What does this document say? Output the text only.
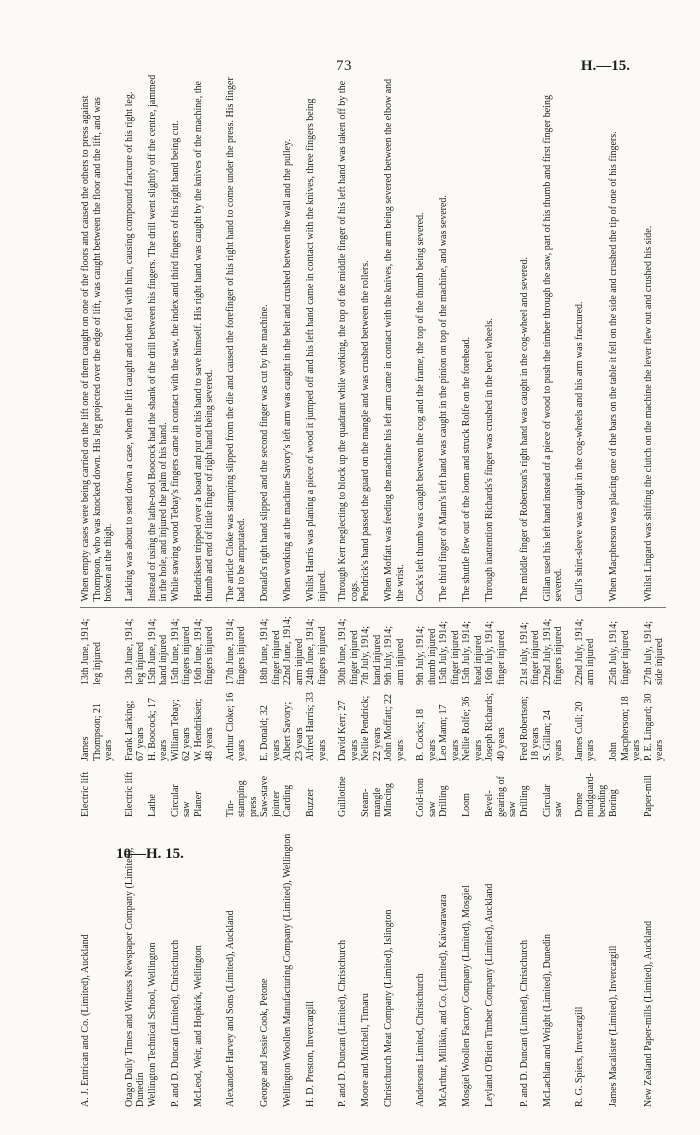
73	H.—15.
10—H. 15.
A. J. Entrican and Co. (Limited), Auckland	Electric lift	James Thompson; 21 years	13th June, 1914; leg injured	When empty cases were being carried on the lift one of them caught on one of the floors and caused the others to press against Thompson, who was knocked down. His leg projected over the edge of lift, was caught between the floor and the lift, and was broken at the thigh.
Otago Daily Times and Witness Newspaper Company (Limited), Dunedin	Electric lift	Frank Larking; 67 years	13th June, 1914; leg injured	Larking was about to send down a case, when the lift caught and then fell with him, causing compound fracture of his right leg.
Wellington Technical School, Wellington	Lathe	H. Boocock; 17 years	15th June, 1914; hand injured	Instead of using the lathe-tool Boocock had the shank of the drill between his fingers. The drill went slightly off the centre, jammed in the hole, and injured the palm of his hand.
P. and D. Duncan (Limited), Christchurch	Circular saw	William Tebay; 62 years	15th June, 1914; fingers injured	While sawing wood Tebay's fingers came in contact with the saw, the index and third fingers of his right hand being cut.
McLeod, Weir, and Hopkirk, Wellington	Planer	W. Hendriksen; 48 years	16th June, 1914; fingers injured	Hendriksen tripped over a board and put out his hand to save himself. His right hand was caught by the knives of the machine, the thumb and end of little finger of right hand being severed.
Alexander Harvey and Sons (Limited), Auckland	Tin-stamping press	Arthur Cloke; 16 years	17th June, 1914; fingers injured	The article Cloke was stamping slipped from the die and caused the forefinger of his right hand to come under the press. His finger had to be amputated.
George and Jessie Cook, Petone	Saw-stave jointer	E. Donald; 32 years	18th June, 1914; finger injured	Donald's right hand slipped and the second finger was cut by the machine.
Wellington Woollen Manufacturing Company (Limited), Wellington	Carding	Albert Savory; 23 years	22nd June, 1914; arm injured	When working at the machine Savory's left arm was caught in the belt and crushed between the wall and the pulley.
H. D. Preston, Invercargill	Buzzer	Alfred Harris; 33 years	24th June, 1914; fingers injured	Whilst Harris was planing a piece of wood it jumped off and his left hand came in contact with the knives, three fingers being injured.
P. and D. Duncan (Limited), Christchurch	Guillotine	David Kerr; 27 years	30th June, 1914; finger injured	Through Kerr neglecting to block up the quadrant while working, the top of the middle finger of his left hand was taken off by the cogs.
Moore and Mitchell, Timaru	Steam-mangle	Nellie Pendrick; 22 years	7th July, 1914; hand injured	Pendrick's hand passed the guard on the mangle and was crushed between the rollers.
Christchurch Meat Company (Limited), Islington	Mincing	John Moffatt; 22 years	9th July, 1914; arm injured	When Moffatt was feeding the machine his left arm came in contact with the knives, the arm being severed between the elbow and the wrist.
Andersons Limited, Christchurch	Cold-iron saw	B. Cocks; 18 years	9th July, 1914; thumb injured	Cock's left thumb was caught between the cog and the frame, the top of the thumb being severed.
McArthur, Millikin, and Co. (Limited), Kaiwarawara	Drilling	Leo Mann; 17 years	15th July, 1914; finger injured	The third finger of Mann's left hand was caught in the pinion on top of the machine, and was severed.
Mosgiel Woollen Factory Company (Limited), Mosgiel	Loom	Nellie Rolfe; 36 years	15th July, 1914; head injured	The shuttle flew out of the loom and struck Rolfe on the forehead.
Leyland O'Brien Timber Company (Limited), Auckland	Bevel-gearing of saw	Joseph Richards; 40 years	16th July, 1914; finger injured	Through inattention Richards's finger was crushed in the bevel wheels.
P. and D. Duncan (Limited), Christchurch	Drilling	Fred Robertson; 18 years	21st July, 1914; finger injured	The middle finger of Robertson's right hand was caught in the cog-wheel and severed.
McLachlan and Wright (Limited), Dunedin	Circular saw	S. Gillan; 24 years	22nd July, 1914; fingers injured	Gillan used his left hand instead of a piece of wood to push the timber through the saw, part of his thumb and first finger being severed.
R. G. Spiers, Invercargill	Dome mudguard-bending	James Cull; 20 years	22nd July, 1914; arm injured	Cull's shirt-sleeve was caught in the cog-wheels and his arm was fractured.
James Macalister (Limited), Invercargill	Boring	John Macpherson; 18 years	25th July, 1914; finger injured	When Macpherson was placing one of the bars on the table it fell on the side and crushed the tip of one of his fingers.
New Zealand Paper-mills (Limited), Auckland	Paper-mill	P. E. Lingard; 30 years	27th July, 1914; side injured	Whilst Lingard was shifting the clutch on the machine the lever flew out and crushed his side.
